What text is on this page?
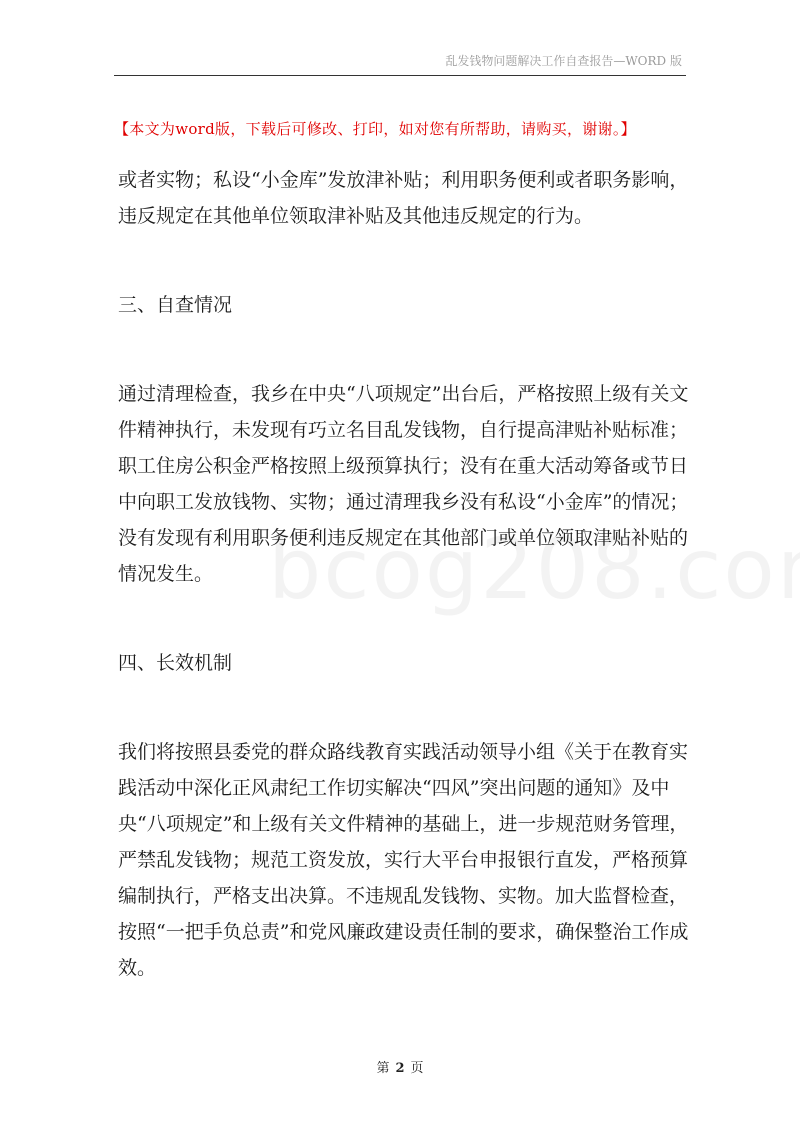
乱发钱物问题解决工作自查报告—WORD 版
【本文为word版，下载后可修改、打印，如对您有所帮助，请购买，谢谢。】

或者实物；私设“小金库”发放津补贴；利用职务便利或者职务影响，违反规定在其他单位领取津补贴及其他违反规定的行为。

三、自查情况

通过清理检查，我乡在中央“八项规定”出台后，严格按照上级有关文件精神执行，未发现有巧立名目乱发钱物，自行提高津贴补贴标准；职工住房公积金严格按照上级预算执行；没有在重大活动筹备或节日中向职工发放钱物、实物；通过清理我乡没有私设“小金库”的情况；没有发现有利用职务便利违反规定在其他部门或单位领取津贴补贴的情况发生。

四、长效机制

我们将按照县委党的群众路线教育实践活动领导小组《关于在教育实践活动中深化正风肃纪工作切实解决“四风”突出问题的通知》及中央“八项规定”和上级有关文件精神的基础上，进一步规范财务管理，严禁乱发钱物；规范工资发放，实行大平台申报银行直发，严格预算编制执行，严格支出决算。不违规乱发钱物、实物。加大监督检查，按照“一把手负总责”和党风廉政建设责任制的要求，确保整治工作成效。

第 2 页
